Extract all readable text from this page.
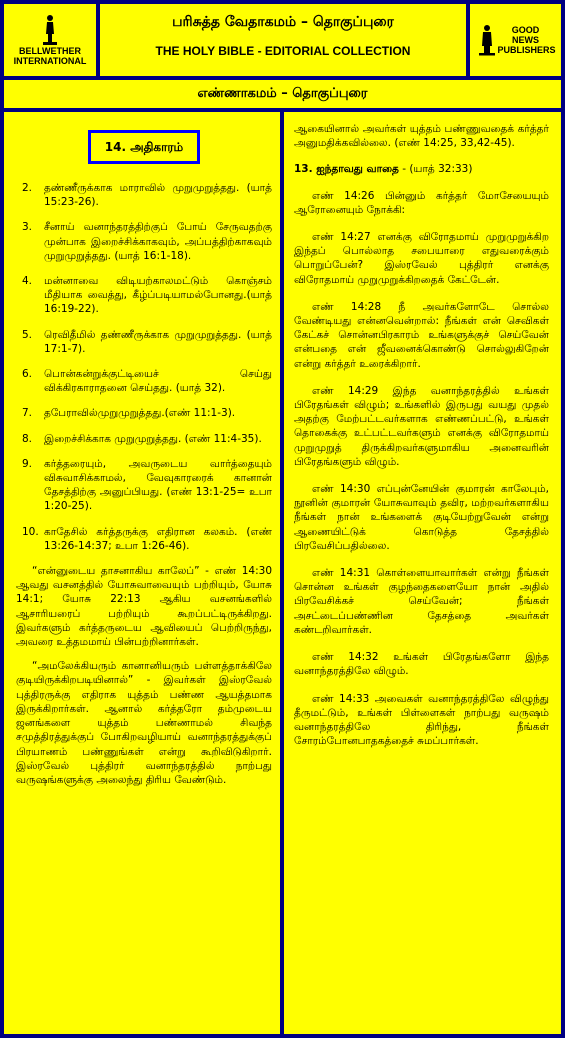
BELLWETHER INTERNATIONAL
பரிசுத்த வேதாகமம் – தொகுப்புரை
THE HOLY BIBLE - EDITORIAL COLLECTION
GOOD NEWS PUBLISHERS
எண்ணாகமம் – தொகுப்புரை
14. அதிகாரம்
2.	தண்ணீருக்காக மாராவில் முறுமுறுத்தது. (யாத் 15:23-26).
3.	சீனாய் வனாந்தரத்திற்குப் போய் சேருவதற்கு முன்பாக இறைச்சிக்காகவும், அப்பத்திற்காகவும் முறுமுறுத்தது. (யாத் 16:1-18).
4.	மன்னாவை விடியற்காலமட்டும் கொஞ்சம் மீதியாக வைத்து, கீழ்ப்படியாமல்போனது.(யாத் 16:19-22).
5.	ரெவிதீமில் தண்ணீருக்காக முறுமுறுத்தது. (யாத் 17:1-7).
6.	பொன்கன்றுக்குட்டியைச் செய்து விக்கிரகாராதனை செய்தது. (யாத் 32).
7.	தபேராவில்முறுமுறுத்தது.(எண் 11:1-3).
8.	இறைச்சிக்காக முறுமுறுத்தது. (எண் 11:4-35).
9.	கர்த்தரையும், அவருடைய வார்த்தையும் விசுவாசிக்காமல், வேவுகாரரைக் கானான் தேசத்திற்கு அனுப்பியது. (எண் 13:1-25= உபா 1:20-25).
10. காதேசில் கர்த்தருக்கு எதிரான கலகம். (எண் 13:26-14:37; உபா 1:26-46).
“என்னுடைய தாசனாகிய காலேப்” - எண் 14:30 ஆவது வசனத்தில் யோசுவாவையும் பற்றியும், யோசு 14:1; யோசு 22:13 ஆகிய வசனங்களில் ஆசாரியரைப் பற்றியும் கூறப்பட்டிருக்கிறது. இவர்களும் கர்த்தருடைய ஆவியைப் பெற்றிருந்து, அவரை உத்தமமாய் பின்பற்றினார்கள்.
“அமலேக்கியரும் கானானியரும் பள்ளத்தாக்கிலே குடியிருக்கிறபடியினால்” - இவர்கள் இஸ்ரவேல் புத்திரருக்கு எதிராக யுத்தம் பண்ண ஆயத்தமாக இருக்கிறார்கள். ஆனால் கர்த்தரோ தம்முடைய ஜனங்களை யுத்தம் பண்ணாமல் சிவந்த சமுத்திரத்துக்குப் போகிறவழியாய் வனாந்தரத்துக்குப் பிரயாணம் பண்ணுங்கள் என்று கூறிவிடுகிறார். இஸ்ரவேல் புத்திரர் வனாந்தரத்தில் நாற்பது வருஷங்களுக்கு அலைந்து திரிய வேண்டும்.
ஆகையினால் அவர்கள் யுத்தம் பண்ணுவதைக் கர்த்தர் அனுமதிக்கவில்லை. (எண் 14:25, 33,42-45).
13. ஐந்தாவது வாதை - (யாத் 32:33)
எண் 14:26 பின்னும் கர்த்தர் மோசேயையும் ஆரோனையும் நோக்கி:
எண் 14:27 எனக்கு விரோதமாய் முறுமுறுக்கிற இந்தப் பொல்லாத சபையாரை எதுவரைக்கும் பொறுப்பேன்? இஸ்ரவேல் புத்திரர் எனக்கு விரோதமாய் முறுமுறுக்கிறதைக் கேட்டேன்.
எண் 14:28 நீ அவர்களோடே சொல்ல வேண்டியது என்னவென்றால்: நீங்கள் என் செவிகள் கேட்கச் சொன்னபிரகாரம் உங்களுக்குச் செய்வேன் என்பதை என் ஜீவனைக்கொண்டு சொல்லுகிறேன் என்று கர்த்தர் உரைக்கிறார்.
எண் 14:29 இந்த வனாந்தரத்தில் உங்கள் பிரேதங்கள் விழும்; உங்களில் இருபது வயது முதல் அதற்கு மேற்பட்டவர்களாக எண்ணப்பட்டு, உங்கள் தொகைக்கு உட்பட்டவர்களும் எனக்கு விரோதமாய் முறுமுறுத் திருக்கிறவர்களுமாகிய அனைவரின் பிரேதங்களும் விழும்.
எண் 14:30 எப்புன்னேயின் குமாரன் காலேபும், நூனின் குமாரன் யோசுவாவும் தவிர, மற்றவர்களாகிய நீங்கள் நான் உங்களைக் குடியேற்றுவேன் என்று ஆணையிட்டுக் கொடுத்த தேசத்தில் பிரவேசிப்பதில்லை.
எண் 14:31 கொள்ளையாவார்கள் என்று நீங்கள் சொன்ன உங்கள் குழந்தைகளையோ நான் அதில் பிரவேசிக்கச் செய்வேன்; நீங்கள் அசட்டைப்பண்ணின தேசத்தை அவர்கள் கண்டறிவார்கள்.
எண் 14:32 உங்கள் பிரேதங்களோ இந்த வனாந்தரத்திலே விழும்.
எண் 14:33 அவைகள் வனாந்தரத்திலே விழுந்து தீருமட்டும், உங்கள் பிள்ளைகள் நாற்பது வருஷம் வனாந்தரத்திலே திரிந்து, நீங்கள் சோரம்போனபாதகத்தைச் சுமப்பார்கள்.
